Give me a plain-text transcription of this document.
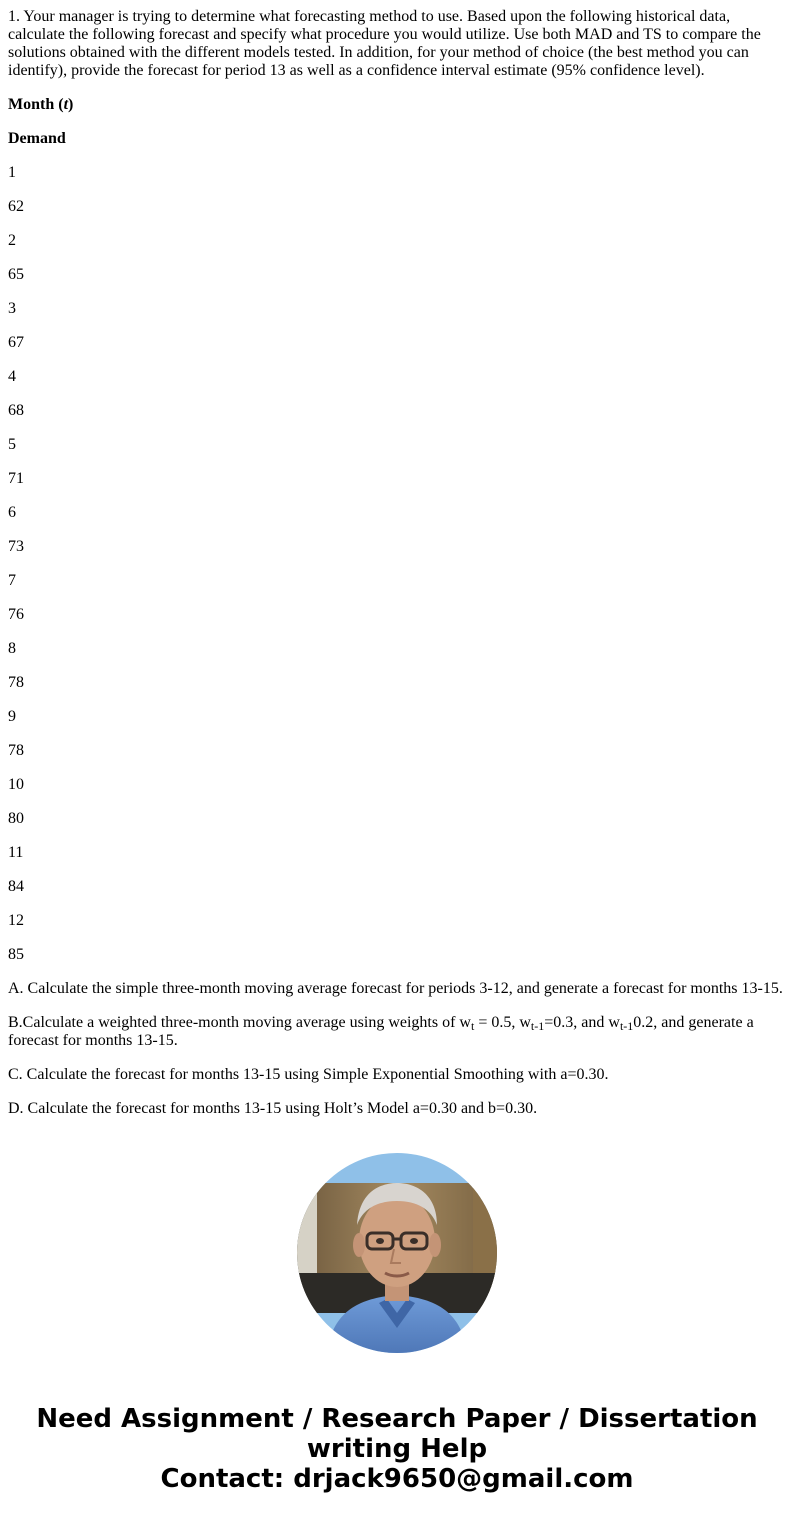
1. Your manager is trying to determine what forecasting method to use. Based upon the following historical data, calculate the following forecast and specify what procedure you would utilize. Use both MAD and TS to compare the solutions obtained with the different models tested. In addition, for your method of choice (the best method you can identify), provide the forecast for period 13 as well as a confidence interval estimate (95% confidence level).

Month (t)

Demand

1

62

2

65

3

67

4

68

5

71

6

73

7

76

8

78

9

78

10

80

11

84

12

85

A. Calculate the simple three-month moving average forecast for periods 3-12, and generate a forecast for months 13-15.

B.Calculate a weighted three-month moving average using weights of $w_t = 0.5$, $w_{t-1}=0.3$, and $w_{t-1}0.2$, and generate a forecast for months 13-15.

C. Calculate the forecast for months 13-15 using Simple Exponential Smoothing with a=0.30.

D. Calculate the forecast for months 13-15 using Holt’s Model a=0.30 and b=0.30.

Need Assignment / Research Paper / Dissertation
writing Help
Contact: drjack9650@gmail.com
